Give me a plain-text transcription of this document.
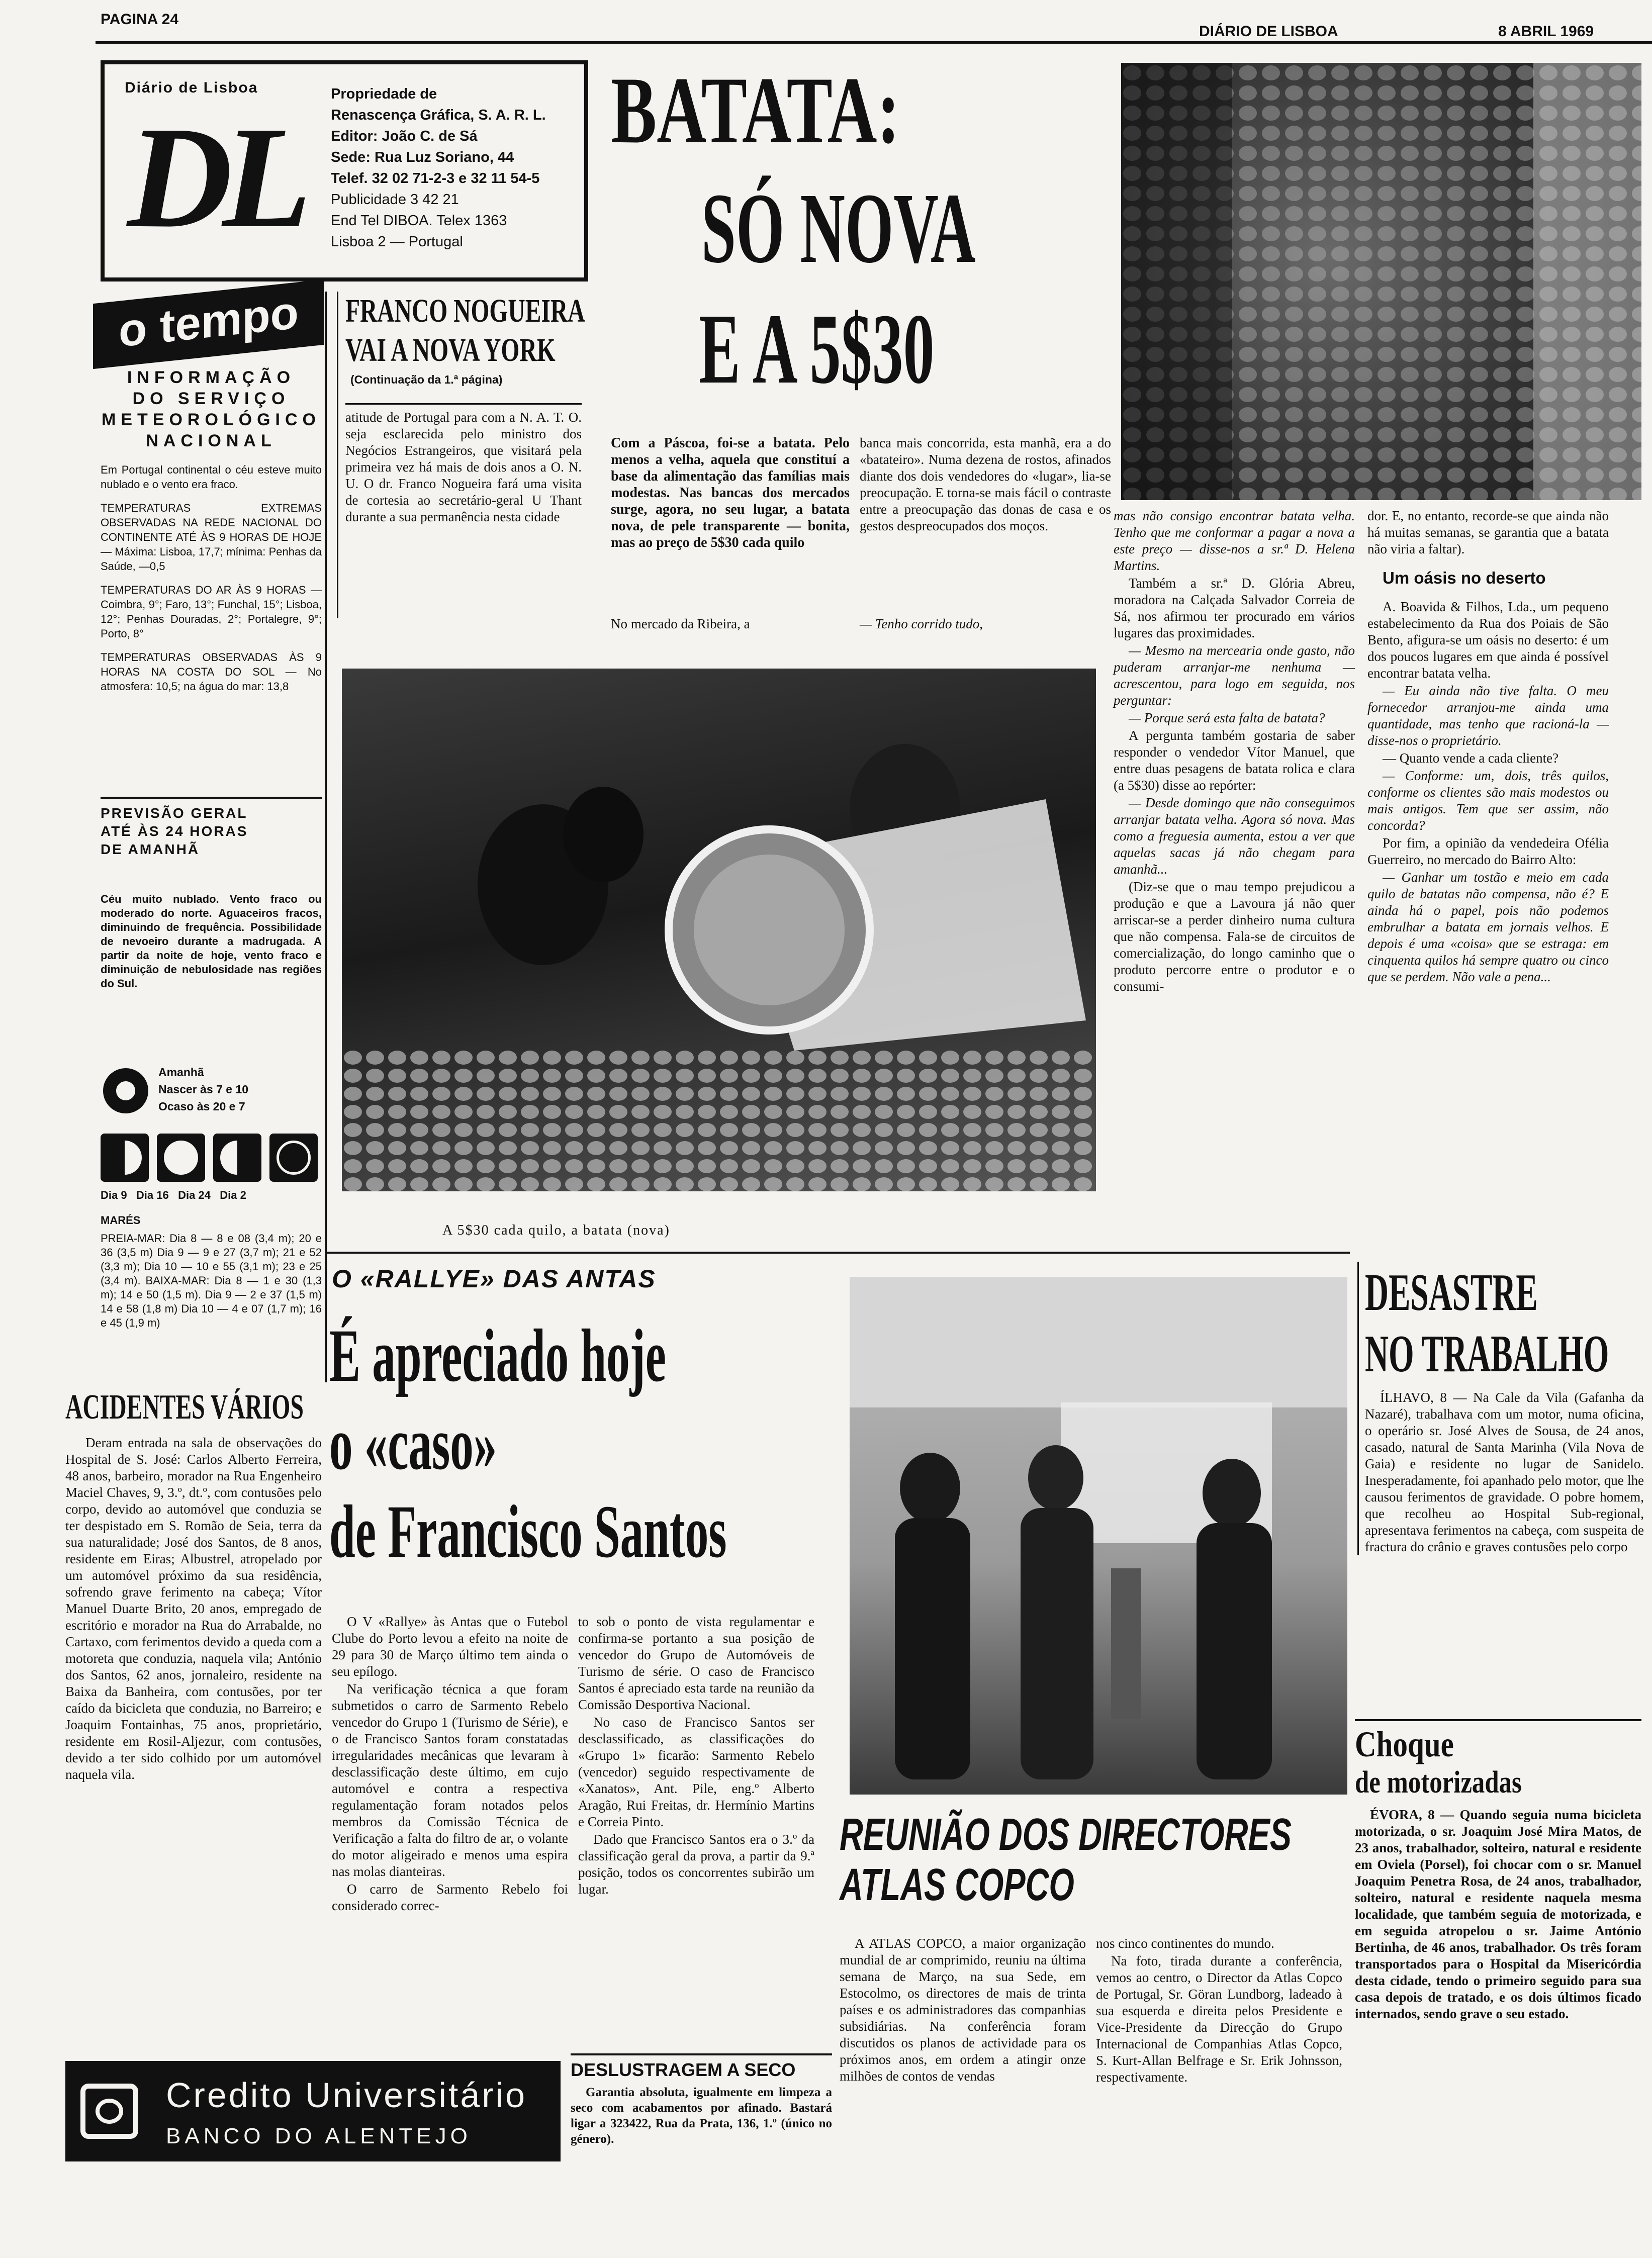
PAGINA 24
DIÁRIO DE LISBOA	8 ABRIL 1969
Diário de Lisboa
DL
Propriedade de
Renascença Gráfica, S. A. R. L.
Editor: João C. de Sá
Sede: Rua Luz Soriano, 44
Telef. 32 02 71-2-3 e 32 11 54-5
Publicidade 3 42 21
End Tel DIBOA. Telex 1363
Lisboa 2 — Portugal
BATATA:
SÓ NOVA
E A 5$30
o tempo
INFORMAÇÃO
DO SERVIÇO
METEOROLÓGICO
NACIONAL

Em Portugal continental o céu esteve muito nublado e o vento era fraco.

TEMPERATURAS EXTREMAS OBSERVADAS NA REDE NACIONAL DO CONTINENTE ATÉ ÀS 9 HORAS DE HOJE — Máxima: Lisboa, 17,7; mínima: Penhas da Saúde, —0,5

TEMPERATURAS DO AR ÀS 9 HORAS — Coimbra, 9°; Faro, 13°; Funchal, 15°; Lisboa, 12°; Penhas Douradas, 2°; Portalegre, 9°; Porto, 8°

TEMPERATURAS OBSERVADAS ÀS 9 HORAS NA COSTA DO SOL — No atmosfera: 10,5; na água do mar: 13,8

PREVISÃO GERAL
ATÉ ÀS 24 HORAS
DE AMANHÃ
Céu muito nublado. Vento fraco ou moderado do norte. Aguaceiros fracos, diminuindo de frequência. Possibilidade de nevoeiro durante a madrugada. A partir da noite de hoje, vento fraco e diminuição de nebulosidade nas regiões do Sul.
Amanhã
Nascer às 7 e 10
Ocaso às 20 e 7
Dia 9   Dia 16   Dia 24   Dia 2
MARÉS
PREIA-MAR: Dia 8 — 8 e 08 (3,4 m); 20 e 36 (3,5 m) Dia 9 — 9 e 27 (3,7 m); 21 e 52 (3,3 m); Dia 10 — 10 e 55 (3,1 m); 23 e 25 (3,4 m). BAIXA-MAR: Dia 8 — 1 e 30 (1,3 m); 14 e 50 (1,5 m). Dia 9 — 2 e 37 (1,5 m) 14 e 58 (1,8 m) Dia 10 — 4 e 07 (1,7 m); 16 e 45 (1,9 m)
FRANCO NOGUEIRA
VAI A NOVA YORK
(Continuação da 1.ª página)
atitude de Portugal para com a N. A. T. O. seja esclarecida pelo ministro dos Negócios Estrangeiros, que visitará pela primeira vez há mais de dois anos a O. N. U. O dr. Franco Nogueira fará uma visita de cortesia ao secretário-geral U Thant durante a sua permanência nesta cidade
Com a Páscoa, foi-se a batata. Pelo menos a velha, aquela que constituí a base da alimentação das famílias mais modestas. Nas bancas dos mercados surge, agora, no seu lugar, a batata nova, de pele transparente — bonita, mas ao preço de 5$30 cada quilo
No mercado da Ribeira, a
banca mais concorrida, esta manhã, era a do «batateiro». Numa dezena de rostos, afinados diante dos dois vendedores do «lugar», lia-se preocupação. E torna-se mais fácil o contraste entre a preocupação das donas de casa e os gestos despreocupados dos moços.
— Tenho corrido tudo,
A 5$30 cada quilo, a batata (nova)

mas não consigo encontrar batata velha. Tenho que me conformar a pagar a nova a este preço — disse-nos a sr.ª D. Helena Martins.

Também a sr.ª D. Glória Abreu, moradora na Calçada Salvador Correia de Sá, nos afirmou ter procurado em vários lugares das proximidades.

— Mesmo na mercearia onde gasto, não puderam arranjar-me nenhuma — acrescentou, para logo em seguida, nos perguntar:

— Porque será esta falta de batata?

A pergunta também gostaria de saber responder o vendedor Vítor Manuel, que entre duas pesagens de batata rolica e clara (a 5$30) disse ao repórter:

— Desde domingo que não conseguimos arranjar batata velha. Agora só nova. Mas como a freguesia aumenta, estou a ver que aquelas sacas já não chegam para amanhã...

(Diz-se que o mau tempo prejudicou a produção e que a Lavoura já não quer arriscar-se a perder dinheiro numa cultura que não compensa. Fala-se de circuitos de comercialização, do longo caminho que o produto percorre entre o produtor e o consumi-

dor. E, no entanto, recorde-se que ainda não há muitas semanas, se garantia que a batata não viria a faltar).

Um oásis no deserto

A. Boavida & Filhos, Lda., um pequeno estabelecimento da Rua dos Poiais de São Bento, afigura-se um oásis no deserto: é um dos poucos lugares em que ainda é possível encontrar batata velha.

— Eu ainda não tive falta. O meu fornecedor arranjou-me ainda uma quantidade, mas tenho que racioná-la — disse-nos o proprietário.

— Quanto vende a cada cliente?

— Conforme: um, dois, três quilos, conforme os clientes são mais modestos ou mais antigos. Tem que ser assim, não concorda?

Por fim, a opinião da vendedeira Ofélia Guerreiro, no mercado do Bairro Alto:

— Ganhar um tostão e meio em cada quilo de batatas não compensa, não é? E ainda há o papel, pois não podemos embrulhar a batata em jornais velhos. E depois é uma «coisa» que se estraga: em cinquenta quilos há sempre quatro ou cinco que se perdem. Não vale a pena...

ACIDENTES VÁRIOS
Deram entrada na sala de observações do Hospital de S. José: Carlos Alberto Ferreira, 48 anos, barbeiro, morador na Rua Engenheiro Maciel Chaves, 9, 3.º, dt.º, com contusões pelo corpo, devido ao automóvel que conduzia se ter despistado em S. Romão de Seia, terra da sua naturalidade; José dos Santos, de 8 anos, residente em Eiras; Albustrel, atropelado por um automóvel próximo da sua residência, sofrendo grave ferimento na cabeça; Vítor Manuel Duarte Brito, 20 anos, empregado de escritório e morador na Rua do Arrabalde, no Cartaxo, com ferimentos devido a queda com a motoreta que conduzia, naquela vila; António dos Santos, 62 anos, jornaleiro, residente na Baixa da Banheira, com contusões, por ter caído da bicicleta que conduzia, no Barreiro; e Joaquim Fontainhas, 75 anos, proprietário, residente em Rosil-Aljezur, com contusões, devido a ter sido colhido por um automóvel naquela vila.
O «RALLYE» DAS ANTAS
É apreciado hoje
o «caso»
de Francisco Santos

O V «Rallye» às Antas que o Futebol Clube do Porto levou a efeito na noite de 29 para 30 de Março último tem ainda o seu epílogo.

Na verificação técnica a que foram submetidos o carro de Sarmento Rebelo vencedor do Grupo 1 (Turismo de Série), e o de Francisco Santos foram constatadas irregularidades mecânicas que levaram à desclassificação deste último, em cujo automóvel e contra a respectiva regulamentação foram notados pelos membros da Comissão Técnica de Verificação a falta do filtro de ar, o volante do motor aligeirado e menos uma espira nas molas dianteiras.

O carro de Sarmento Rebelo foi considerado correc-

to sob o ponto de vista regulamentar e confirma-se portanto a sua posição de vencedor do Grupo de Automóveis de Turismo de série. O caso de Francisco Santos é apreciado esta tarde na reunião da Comissão Desportiva Nacional.

No caso de Francisco Santos ser desclassificado, as classificações do «Grupo 1» ficarão: Sarmento Rebelo (vencedor) seguido respectivamente de «Xanatos», Ant. Pile, eng.º Alberto Aragão, Rui Freitas, dr. Hermínio Martins e Correia Pinto.

Dado que Francisco Santos era o 3.º da classificação geral da prova, a partir da 9.ª posição, todos os concorrentes subirão um lugar.

REUNIÃO DOS DIRECTORES
ATLAS COPCO
A ATLAS COPCO, a maior organização mundial de ar comprimido, reuniu na última semana de Março, na sua Sede, em Estocolmo, os directores de mais de trinta países e os administradores das companhias subsidiárias. Na conferência foram discutidos os planos de actividade para os próximos anos, em ordem a atingir onze milhões de contos de vendas

nos cinco continentes do mundo.

Na foto, tirada durante a conferência, vemos ao centro, o Director da Atlas Copco de Portugal, Sr. Göran Lundborg, ladeado à sua esquerda e direita pelos Presidente e Vice-Presidente da Direcção do Grupo Internacional de Companhias Atlas Copco, S. Kurt-Allan Belfrage e Sr. Erik Johnsson, respectivamente.

DESASTRE
NO TRABALHO
ÍLHAVO, 8 — Na Cale da Vila (Gafanha da Nazaré), trabalhava com um motor, numa oficina, o operário sr. José Alves de Sousa, de 24 anos, casado, natural de Santa Marinha (Vila Nova de Gaia) e residente no lugar de Sanidelo. Inesperadamente, foi apanhado pelo motor, que lhe causou ferimentos de gravidade. O pobre homem, que recolheu ao Hospital Sub-regional, apresentava ferimentos na cabeça, com suspeita de fractura do crânio e graves contusões pelo corpo
Choque
de motorizadas
ÉVORA, 8 — Quando seguia numa bicicleta motorizada, o sr. Joaquim José Mira Matos, de 23 anos, trabalhador, solteiro, natural e residente em Oviela (Porsel), foi chocar com o sr. Manuel Joaquim Penetra Rosa, de 24 anos, trabalhador, solteiro, natural e residente naquela mesma localidade, que também seguia de motorizada, e em seguida atropelou o sr. Jaime António Bertinha, de 46 anos, trabalhador. Os três foram transportados para o Hospital da Misericórdia desta cidade, tendo o primeiro seguido para sua casa depois de tratado, e os dois últimos ficado internados, sendo grave o seu estado.
DESLUSTRAGEM A SECO
Garantia absoluta, igualmente em limpeza a seco com acabamentos por afinado. Bastará ligar a 323422, Rua da Prata, 136, 1.º (único no género).
Credito Universitário
BANCO DO ALENTEJO
